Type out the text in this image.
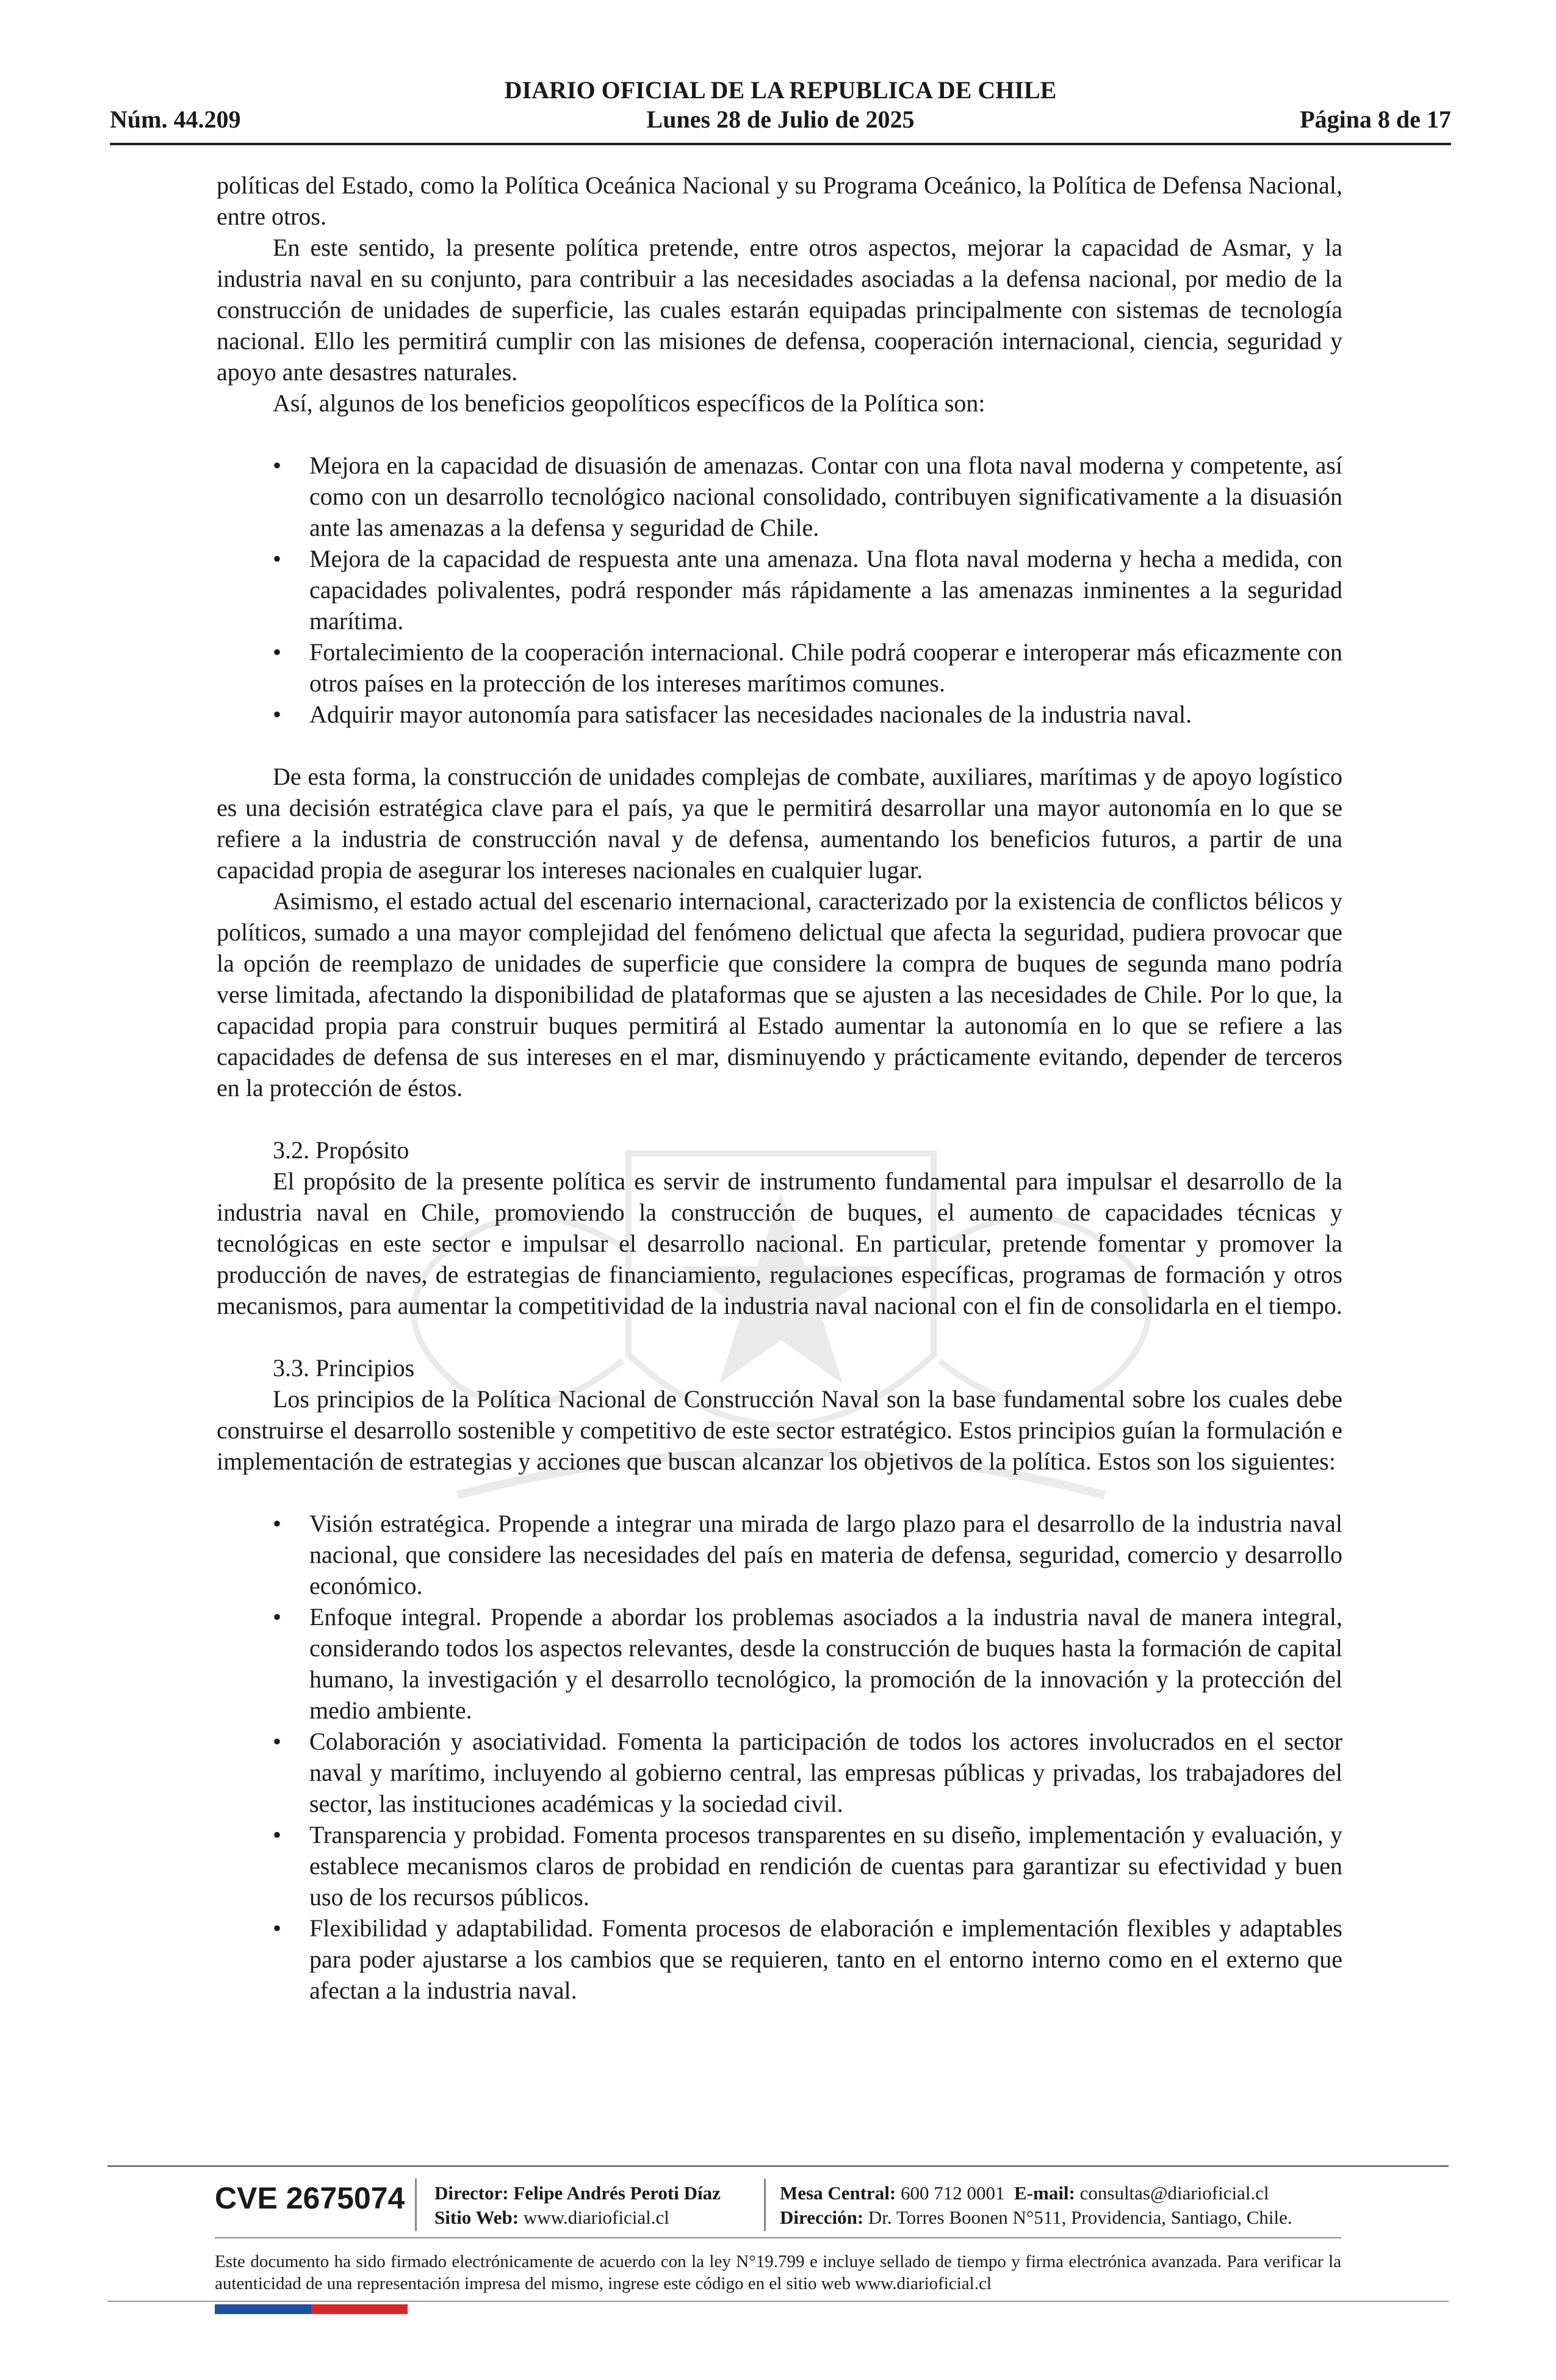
DIARIO OFICIAL DE LA REPUBLICA DE CHILE
Núm. 44.209	Lunes 28 de Julio de 2025	Página 8 de 17

políticas del Estado, como la Política Oceánica Nacional y su Programa Oceánico, la Política de Defensa Nacional, entre otros.

En este sentido, la presente política pretende, entre otros aspectos, mejorar la capacidad de Asmar, y la industria naval en su conjunto, para contribuir a las necesidades asociadas a la defensa nacional, por medio de la construcción de unidades de superficie, las cuales estarán equipadas principalmente con sistemas de tecnología nacional. Ello les permitirá cumplir con las misiones de defensa, cooperación internacional, ciencia, seguridad y apoyo ante desastres naturales.

Así, algunos de los beneficios geopolíticos específicos de la Política son:

• Mejora en la capacidad de disuasión de amenazas. Contar con una flota naval moderna y competente, así como con un desarrollo tecnológico nacional consolidado, contribuyen significativamente a la disuasión ante las amenazas a la defensa y seguridad de Chile.
• Mejora de la capacidad de respuesta ante una amenaza. Una flota naval moderna y hecha a medida, con capacidades polivalentes, podrá responder más rápidamente a las amenazas inminentes a la seguridad marítima.
• Fortalecimiento de la cooperación internacional. Chile podrá cooperar e interoperar más eficazmente con otros países en la protección de los intereses marítimos comunes.
• Adquirir mayor autonomía para satisfacer las necesidades nacionales de la industria naval.

De esta forma, la construcción de unidades complejas de combate, auxiliares, marítimas y de apoyo logístico es una decisión estratégica clave para el país, ya que le permitirá desarrollar una mayor autonomía en lo que se refiere a la industria de construcción naval y de defensa, aumentando los beneficios futuros, a partir de una capacidad propia de asegurar los intereses nacionales en cualquier lugar.

Asimismo, el estado actual del escenario internacional, caracterizado por la existencia de conflictos bélicos y políticos, sumado a una mayor complejidad del fenómeno delictual que afecta la seguridad, pudiera provocar que la opción de reemplazo de unidades de superficie que considere la compra de buques de segunda mano podría verse limitada, afectando la disponibilidad de plataformas que se ajusten a las necesidades de Chile. Por lo que, la capacidad propia para construir buques permitirá al Estado aumentar la autonomía en lo que se refiere a las capacidades de defensa de sus intereses en el mar, disminuyendo y prácticamente evitando, depender de terceros en la protección de éstos.

3.2. Propósito

El propósito de la presente política es servir de instrumento fundamental para impulsar el desarrollo de la industria naval en Chile, promoviendo la construcción de buques, el aumento de capacidades técnicas y tecnológicas en este sector e impulsar el desarrollo nacional. En particular, pretende fomentar y promover la producción de naves, de estrategias de financiamiento, regulaciones específicas, programas de formación y otros mecanismos, para aumentar la competitividad de la industria naval nacional con el fin de consolidarla en el tiempo.

3.3. Principios

Los principios de la Política Nacional de Construcción Naval son la base fundamental sobre los cuales debe construirse el desarrollo sostenible y competitivo de este sector estratégico. Estos principios guían la formulación e implementación de estrategias y acciones que buscan alcanzar los objetivos de la política. Estos son los siguientes:

• Visión estratégica. Propende a integrar una mirada de largo plazo para el desarrollo de la industria naval nacional, que considere las necesidades del país en materia de defensa, seguridad, comercio y desarrollo económico.
• Enfoque integral. Propende a abordar los problemas asociados a la industria naval de manera integral, considerando todos los aspectos relevantes, desde la construcción de buques hasta la formación de capital humano, la investigación y el desarrollo tecnológico, la promoción de la innovación y la protección del medio ambiente.
• Colaboración y asociatividad. Fomenta la participación de todos los actores involucrados en el sector naval y marítimo, incluyendo al gobierno central, las empresas públicas y privadas, los trabajadores del sector, las instituciones académicas y la sociedad civil.
• Transparencia y probidad. Fomenta procesos transparentes en su diseño, implementación y evaluación, y establece mecanismos claros de probidad en rendición de cuentas para garantizar su efectividad y buen uso de los recursos públicos.
• Flexibilidad y adaptabilidad. Fomenta procesos de elaboración e implementación flexibles y adaptables para poder ajustarse a los cambios que se requieren, tanto en el entorno interno como en el externo que afectan a la industria naval.
CVE 2675074 Director: Felipe Andrés Peroti Díaz
Sitio Web: www.diarioficial.cl
Mesa Central: 600 712 0001 E-mail: consultas@diarioficial.cl
Dirección: Dr. Torres Boonen N°511, Providencia, Santiago, Chile.
Este documento ha sido firmado electrónicamente de acuerdo con la ley N°19.799 e incluye sellado de tiempo y firma electrónica avanzada. Para verificar la autenticidad de una representación impresa del mismo, ingrese este código en el sitio web www.diarioficial.cl
